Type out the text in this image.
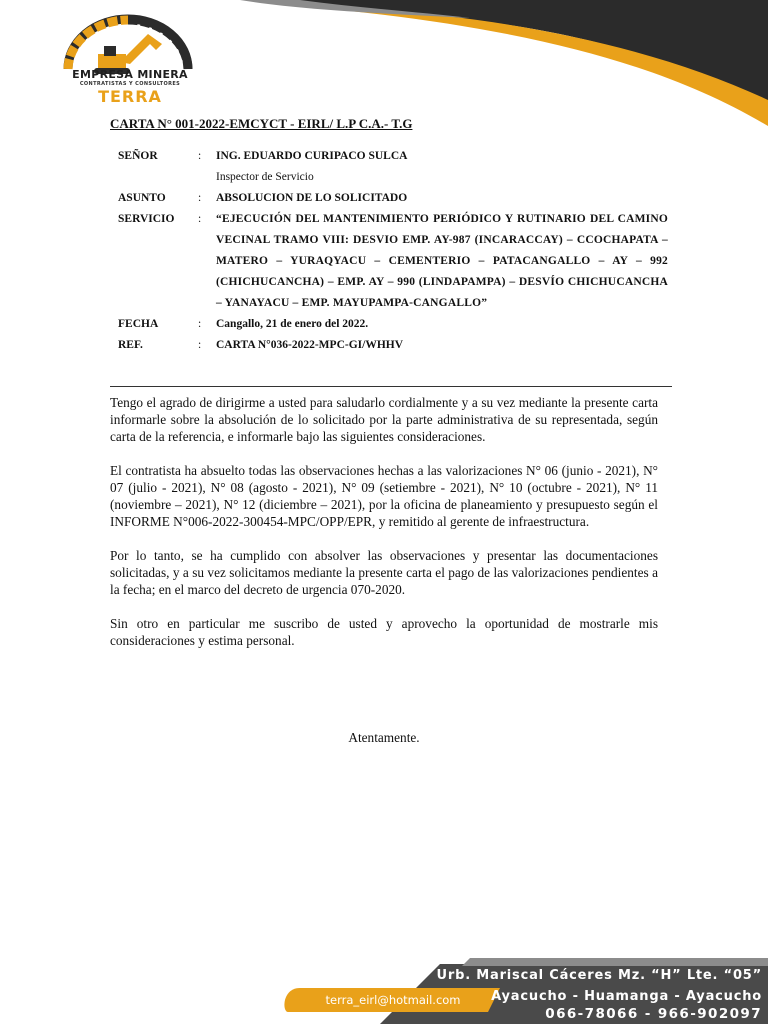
EMPRESA MINERA
CONTRATISTAS Y CONSULTORES
TERRA
CARTA N° 001-2022-EMCYCT - EIRL/ L.P C.A.- T.G
SEÑOR	:	ING. EDUARDO CURIPACO SULCA
Inspector de Servicio
ASUNTO	:	ABSOLUCION DE LO SOLICITADO
SERVICIO	:	“EJECUCIÓN DEL MANTENIMIENTO PERIÓDICO Y RUTINARIO DEL CAMINO VECINAL TRAMO VIII: DESVIO EMP. AY-987 (INCARACCAY) – CCOCHAPATA – MATERO – YURAQYACU – CEMENTERIO – PATACANGALLO – AY – 992 (CHICHUCANCHA) – EMP. AY – 990 (LINDAPAMPA) – DESVÍO CHICHUCANCHA – YANAYACU – EMP. MAYUPAMPA-CANGALLO”
FECHA	:	Cangallo, 21 de enero del 2022.
REF.	:	CARTA N°036-2022-MPC-GI/WHHV

Tengo el agrado de dirigirme a usted para saludarlo cordialmente y a su vez mediante la presente carta informarle sobre la absolución de lo solicitado por la parte administrativa de su representada, según carta de la referencia, e informarle bajo las siguientes consideraciones.

El contratista ha absuelto todas las observaciones hechas a las valorizaciones N° 06 (junio - 2021), N° 07 (julio - 2021), N° 08 (agosto - 2021), N° 09 (setiembre - 2021), N° 10 (octubre - 2021), N° 11 (noviembre – 2021), N° 12 (diciembre – 2021), por la oficina de planeamiento y presupuesto según el INFORME N°006-2022-300454-MPC/OPP/EPR, y remitido al gerente de infraestructura.

Por lo tanto, se ha cumplido con absolver las observaciones y presentar las documentaciones solicitadas, y a su vez solicitamos mediante la presente carta el pago de las valorizaciones pendientes a la fecha; en el marco del decreto de urgencia 070-2020.

Sin otro en particular me suscribo de usted y aprovecho la oportunidad de mostrarle mis consideraciones y estima personal.

Atentamente.
terra_eirl@hotmail.com
Urb. Mariscal Cáceres Mz. “H” Lte. “05”
Ayacucho - Huamanga - Ayacucho
066-78066 - 966-902097
